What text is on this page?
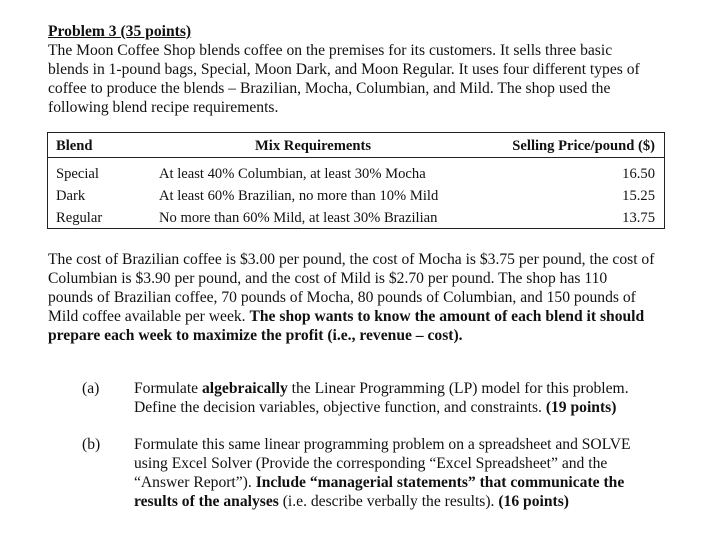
Problem 3 (35 points)
The Moon Coffee Shop blends coffee on the premises for its customers. It sells three basic
blends in 1-pound bags, Special, Moon Dark, and Moon Regular. It uses four different types of
coffee to produce the blends – Brazilian, Mocha, Columbian, and Mild. The shop used the
following blend recipe requirements.
Blend	Mix Requirements	Selling Price/pound ($)
Special	At least 40% Columbian, at least 30% Mocha	16.50
Dark	At least 60% Brazilian, no more than 10% Mild	15.25
Regular	No more than 60% Mild, at least 30% Brazilian	13.75
The cost of Brazilian coffee is $3.00 per pound, the cost of Mocha is $3.75 per pound, the cost of
Columbian is $3.90 per pound, and the cost of Mild is $2.70 per pound. The shop has 110
pounds of Brazilian coffee, 70 pounds of Mocha, 80 pounds of Columbian, and 150 pounds of
Mild coffee available per week. The shop wants to know the amount of each blend it should
prepare each week to maximize the profit (i.e., revenue – cost).
(a) Formulate algebraically the Linear Programming (LP) model for this problem.
Define the decision variables, objective function, and constraints. (19 points)
(b) Formulate this same linear programming problem on a spreadsheet and SOLVE
using Excel Solver (Provide the corresponding “Excel Spreadsheet” and the
“Answer Report”). Include “managerial statements” that communicate the
results of the analyses (i.e. describe verbally the results). (16 points)
